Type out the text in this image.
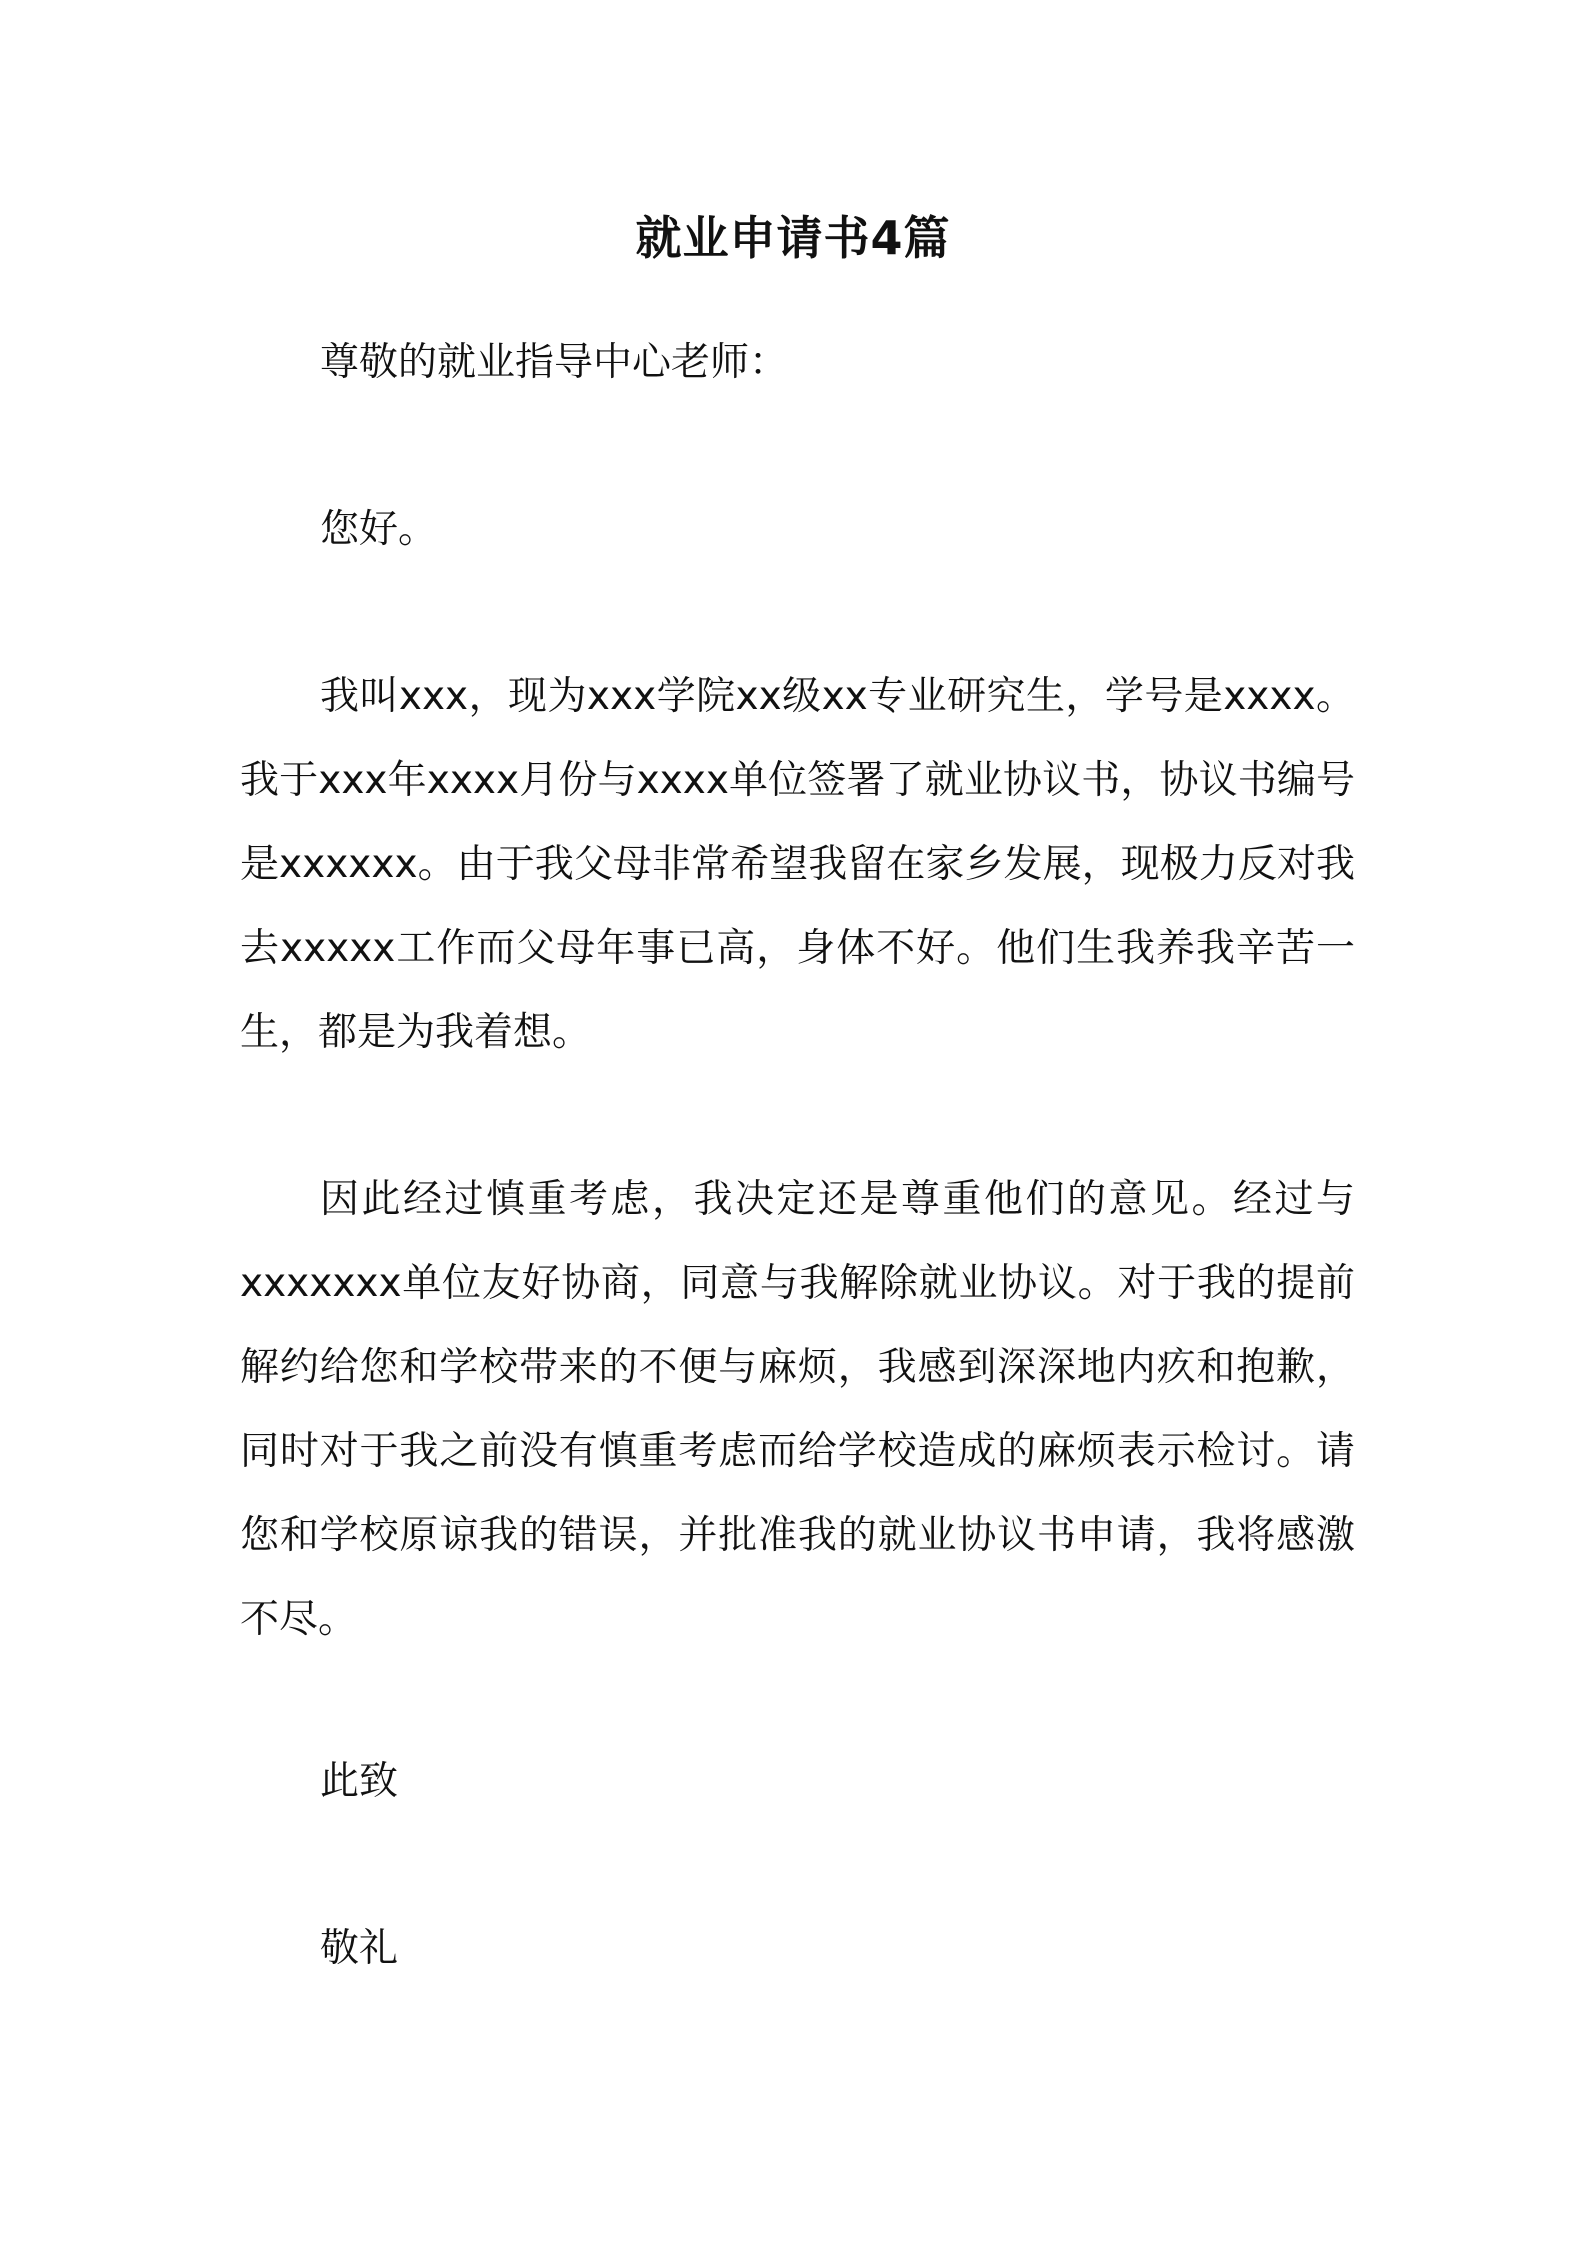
就业申请书4篇
尊敬的就业指导中心老师：
您好。

我叫xxx，现为xxx学院xx级xx专业研究生，学号是xxxx。我于xxx年xxxx月份与xxxx单位签署了就业协议书，协议书编号是xxxxxx。由于我父母非常希望我留在家乡发展，现极力反对我去xxxxx工作而父母年事已高，身体不好。他们生我养我辛苦一生，都是为我着想。

因此经过慎重考虑，我决定还是尊重他们的意见。经过与xxxxxxx单位友好协商，同意与我解除就业协议。对于我的提前解约给您和学校带来的不便与麻烦，我感到深深地内疚和抱歉，同时对于我之前没有慎重考虑而给学校造成的麻烦表示检讨。请您和学校原谅我的错误，并批准我的就业协议书申请，我将感激不尽。

此致
敬礼
